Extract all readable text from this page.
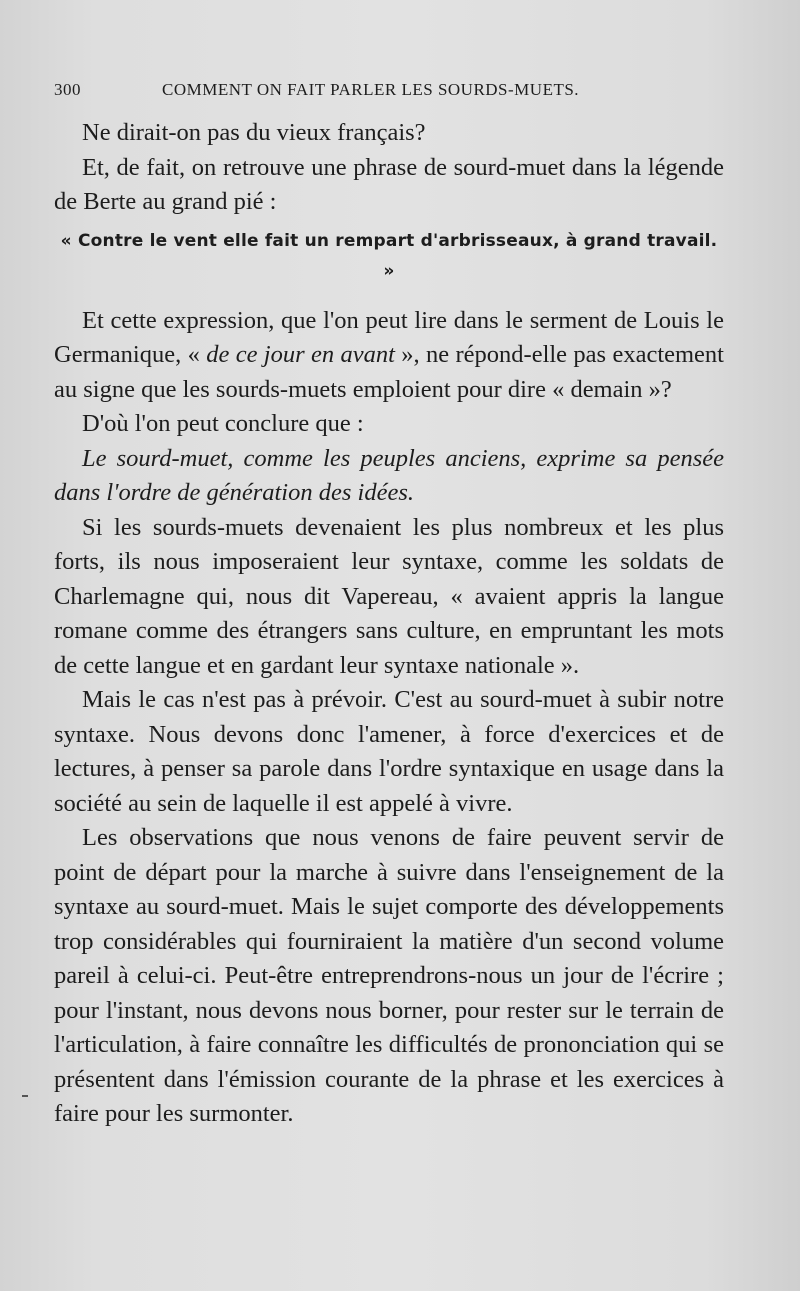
300	COMMENT ON FAIT PARLER LES SOURDS-MUETS.

Ne dirait-on pas du vieux français?

Et, de fait, on retrouve une phrase de sourd-muet dans la légende de Berte au grand pié :

« Contre le vent elle fait un rempart d'arbrisseaux, à grand travail. »

Et cette expression, que l'on peut lire dans le serment de Louis le Germanique, « de ce jour en avant », ne répond-elle pas exactement au signe que les sourds-muets emploient pour dire « demain »?

D'où l'on peut conclure que :

Le sourd-muet, comme les peuples anciens, exprime sa pensée dans l'ordre de génération des idées.

Si les sourds-muets devenaient les plus nombreux et les plus forts, ils nous imposeraient leur syntaxe, comme les soldats de Charlemagne qui, nous dit Vapereau, « avaient appris la langue romane comme des étrangers sans culture, en empruntant les mots de cette langue et en gardant leur syntaxe nationale ».

Mais le cas n'est pas à prévoir. C'est au sourd-muet à subir notre syntaxe. Nous devons donc l'amener, à force d'exercices et de lectures, à penser sa parole dans l'ordre syntaxique en usage dans la société au sein de laquelle il est appelé à vivre.

Les observations que nous venons de faire peuvent servir de point de départ pour la marche à suivre dans l'enseignement de la syntaxe au sourd-muet. Mais le sujet comporte des développements trop considérables qui fourniraient la matière d'un second volume pareil à celui-ci. Peut-être entreprendrons-nous un jour de l'écrire ; pour l'instant, nous devons nous borner, pour rester sur le terrain de l'articulation, à faire connaître les difficultés de prononciation qui se présentent dans l'émission courante de la phrase et les exercices à faire pour les surmonter.
